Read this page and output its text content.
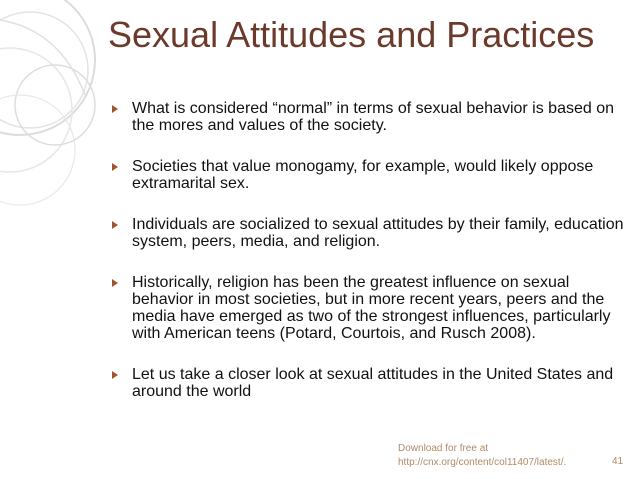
Sexual Attitudes and Practices
What is considered “normal” in terms of sexual behavior is based on the mores and values of the society.
Societies that value monogamy, for example, would likely oppose extramarital sex.
Individuals are socialized to sexual attitudes by their family, education system, peers, media, and religion.
Historically, religion has been the greatest influence on sexual behavior in most societies, but in more recent years, peers and the media have emerged as two of the strongest influences, particularly with American teens (Potard, Courtois, and Rusch 2008).
Let us take a closer look at sexual attitudes in the United States and around the world
Download for free at
http://cnx.org/content/col11407/latest/.	41
